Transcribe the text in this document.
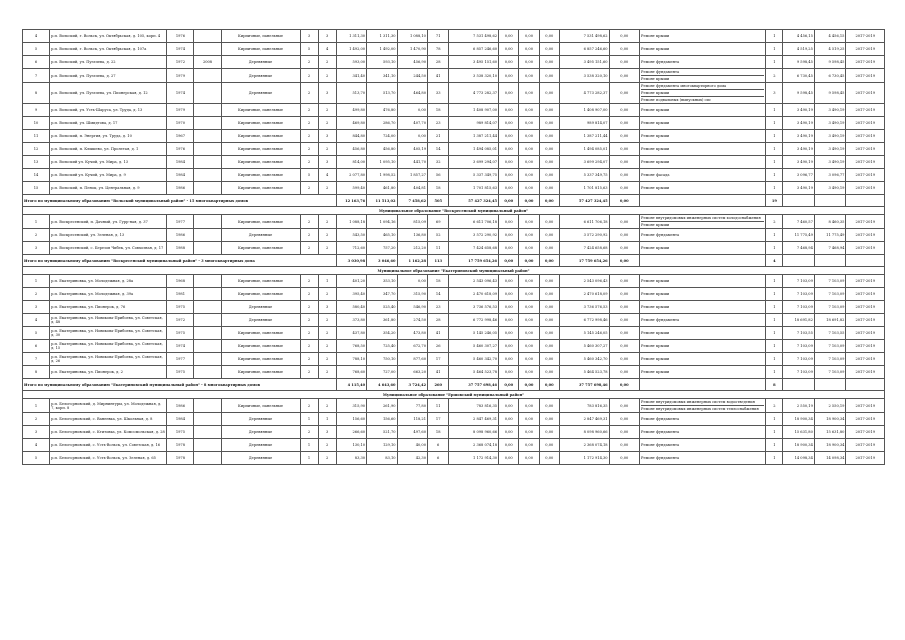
4	р.п. Вольский, г. Вольск, ул. Октябрьская, д. 105, корп. 4	1976		Кирпичные, панельные	3	3	1 311,30	1 311,30	1 088,10	71	7 531 498,62	0,00	0,00	0,00	7 531 498,62	0,00	Ремонт крыши	1	4 456,15	4 456,15	2017-2019
5	р.п. Вольский, г. Вольск, ул. Октябрьская, д. 107а	1974		Кирпичные, панельные	5	4	1 492,00	1 492,00	1 470,90	78	6 857 246,60	0,00	0,00	0,00	6 857 246,60	0,00	Ремонт крыши	1	4 519,25	4 519,25	2017-2019
6	р.п. Вольский, ул. Пугачева, д. 22	1972	2008	Деревянные	2	2	593,00	593,10	456,90	28	3 495 151,60	0,00	0,00	0,00	3 495 151,60	0,00	Ремонт фундамента	1	9 598,45	9 598,45	2017-2019
7	р.п. Вольский, ул. Пугачева, д. 27	1979		Деревянные	2	2	341,40	341,10	244,50	41	3 538 320,10	0,00	0,00	0,00	3 538 320,10	0,00	Ремонт фундамента
Ремонт крыши	2	6 730,45	6 730,45	2017-2019
8	р.п. Вольский, ул. Пугачева, ул. Пионерская, д. 12	1974		Деревянные	2	3	513,70	513,70	464,80	33	4 773 282,37	0,00	0,00	0,00	4 773 282,37	0,00	Ремонт фундамента многоквартирного дома
Ремонт крыши
Ремонт подвальных (выпускных) сис	3	9 598,45	9 598,45	2017-2019
9	р.п. Вольский, ул. Усть-Шаруса, ул. Труда, д. 13	1979		Кирпичные, панельные	2	2	499,80	476,80	0,00	18	1 408 907,00	0,00	0,00	0,00	1 408 907,00	0,00	Ремонт крыши	1	3 490,19	3 490,19	2017-2019
10	р.п. Вольский, ул. Шмидтова, д. 17	1970		Кирпичные, панельные	2	2	469,80	286,70	407,70	23	989 814,07	0,00	0,00	0,00	989 814,07	0,00	Ремонт крыши	1	3 490,19	3 490,19	2017-2019
11	р.п. Вольский, п. Энергия, ул. Труда, д. 10	1967		Кирпичные, панельные	2	3	844,80	724,00	0,00	21	1 387 211,44	0,00	0,00	0,00	1 387 211,44	0,00	Ремонт крыши	1	3 490,19	3 490,19	2017-2019
12	р.п. Вольский, п. Клышево, ул. Пролетая, д. 1	1976		Кирпичные, панельные	2	2	456,80	456,80	405,19	14	1 494 085,01	0,00	0,00	0,00	1 494 085,01	0,00	Ремонт крыши	1	3 490,19	3 490,19	2017-2019
13	р.п. Вольский ул. Кучий, ул. Мира, д. 13	1984		Кирпичные, панельные	2	3	814,00	1 095,10	441,70	32	3 699 294,07	0,00	0,00	0,00	3 699 294,07	0,00	Ремонт крыши	1	3 490,19	3 490,19	2017-2019
14	р.п. Вольский ул. Кучий, ул. Мира, д. 9	1984		Кирпичные, панельные	5	4	2 077,80	1 998,52	1 857,27	56	5 337 349,75	0,00	0,00	0,00	5 337 349,75	0,00	Ремонт фасада	1	3 096,77	3 096,77	2017-2019
15	р.п. Вольский, п. Пенок, ул. Центральная, д. 9	1986		Кирпичные, панельные	2	2	599,40	461,80	404,81	18	1 701 815,63	0,00	0,00	0,00	1 701 815,63	0,00	Ремонт крыши	1	3 490,19	3 490,19	2017-2019
Итого по муниципальному образованию "Вольский муниципальный район" - 15 многоквартирных домов							12 163,76	11 513,02	7 458,62	505	57 427 324,45	0,00	0,00	0,00	57 427 324,45	0,00		19			
Муниципальное образование "Воскресенский муниципальный район"																					
1	р.п. Воскресенский, п. Дачный, ул. Гурр-ная, д. 37	1977		Кирпичные, панельные	2	2	1 088,18	1 094,16	815,09	69	6 611 706,18	0,00	0,00	0,00	6 611 706,18	0,00	Ремонт внутридомовых инженерных систем холодоснабжения
Ремонт крыши	2	7 460,57	8 460,35	2017-2019
2	р.п. Воскресенский, ул. Зеленая, д. 13	1986		Деревянные	2	2	543,50	465,10	136,80	52	3 572 290,92	0,00	0,00	0,00	3 572 290,92	0,00	Ремонт фундамента	1	11 775,49	11 775,49	2017-2019
3	р.п. Воскресенский, с. Березов Чибек, ул. Совхозная, д. 17	1988		Кирпичные, панельные	2	2	712,60	757,20	212,20	11	7 424 658,68	0,00	0,00	0,00	7 424 658,68	0,00	Ремонт крыши	1	7 468,94	7 468,94	2017-2019
Итого по муниципальному образованию "Воскресенский муниципальный район" - 3 многоквартирных дома							3 030,98	3 046,60	1 162,28	113	17 759 654,26	0,00	0,00	0,00	17 759 654,26	0,00		4			
Муниципальное образование "Екатериновский муниципальный район"																					
1	р.п. Екатериновка, ул. Молодежная, д. 28а	1968		Кирпичные, панельные	2	1	401,20	353,10	0,00	18	2 543 096,43	0,00	0,00	0,00	2 543 096,43	0,00	Ремонт крыши	1	7 103,09	7 103,09	2017-2019
2	р.п. Екатериновка, ул. Молодежная, д. 39а	1981		Кирпичные, панельные	2	2	395,40	347,70	315,90	14	2 470 618,09	0,00	0,00	0,00	2 470 618,09	0,00	Ремонт крыши	1	7 103,09	7 103,09	2017-2019
3	р.п. Екатериновка, ул. Пионерок, д. 76	1975		Деревянные	2	3	580,40	525,40	546,90	23	3 736 576,53	0,00	0,00	0,00	3 736 576,53	0,00	Ремонт крыши	1	7 103,09	7 103,09	2017-2019
4	р.п. Екатериновка, ул. Новикова-Прибоева, ул. Советская, д. 48	1972		Деревянные	2	2	373,80	361,80	274,50	28	6 772 998,46	0,00	0,00	0,00	6 772 998,46	0,00	Ремонт фундамента	1	18 691,82	18 691,82	2017-2019
5	р.п. Екатериновка, ул. Новикова-Прибоева, ул. Советская, д. 30	1975		Кирпичные, панельные	2	2	437,80	354,20	473,80	41	5 145 246,05	0,00	0,00	0,00	5 145 246,05	0,00	Ремонт крыши	1	7 103,55	7 103,55	2017-2019
6	р.п. Екатериновка, ул. Новикова-Прибоева, ул. Советская, д. 15	1974		Кирпичные, панельные	2	2	768,50	725,40	672,70	26	5 460 307,27	0,00	0,00	0,00	5 460 307,27	0,00	Ремонт крыши	1	7 103,09	7 103,09	2017-2019
7	р.п. Екатериновка, ул. Новикова-Прибоева, ул. Советская, д. 26	1977		Кирпичные, панельные	2	2	788,10	750,10	877,60	17	5 460 342,70	0,00	0,00	0,00	5 460 342,70	0,00	Ремонт крыши	1	7 103,09	7 103,09	2017-2019
8	р.п. Екатериновка, ул. Пионерок, д. 2	1975		Кирпичные, панельные	2	2	768,60	727,00	663,20	41	5 464 523,78	0,00	0,00	0,00	5 464 523,78	0,00	Ремонт крыши	1	7 103,09	7 103,09	2017-2019
Итого по муниципальному образованию "Екатериновский муниципальный район" - 8 многоквартирных домов							4 115,40	4 643,60	3 724,42	260	37 757 698,46	0,00	0,00	0,00	37 757 698,46	0,00		8			
Муниципальное образование "Ершовский муниципальный район"																					
1	р.п. Белогорновский, д. Мирнинтуры, ул. Молодежная, д. 7, корп. 8	1986		Кирпичные, панельные	2	2	315,90	261,90	77,80	11	783 816,35	0,00	0,00	0,00	783 816,35	0,00	Ремонт внутридомовых инженерных систем водоотведения
Ремонт внутридомовых инженерных систем теплоснабжения	2	2 550,19	2 550,19	2017-2019
2	р.п. Белогорновский, с. Ванеевка, ул. Школьная, д. 8	1984		Деревянные	1	1	156,60	156,60	118,21	17	2 847 469,31	0,00	0,00	0,00	2 847 469,31	0,00	Ремонт фундамента	1	18 900,34	18 900,34	2017-2019
3	р.п. Белогорновский, с. Ктитовка, ул. Комсомольская, д. 28	1975		Деревянные	2	3	266,60	521,70	497,60	18	8 098 960,66	0,00	0,00	0,00	8 098 960,66	0,00	Ремонт фундамента	1	15 631,80	15 631,80	2017-2019
4	р.п. Белогорновский, с. Усть-Вольск, ул. Советская, д. 16	1978		Деревянные	1	2	130,10	129,10	40,00	6	2 368 074,18	0,00	0,00	0,00	2 368 074,18	0,00	Ремонт фундамента	1	18 900,34	18 900,34	2017-2019
5	р.п. Белогорновский, с. Усть-Вольск, ул. Зеленая, д. 65	1978		Деревянные	1	2	83,30	83,10	42,30	6	1 172 914,30	0,00	0,00	0,00	1 172 914,30	0,00	Ремонт фундамента	1	14 098,34	14 098,34	2017-2019
